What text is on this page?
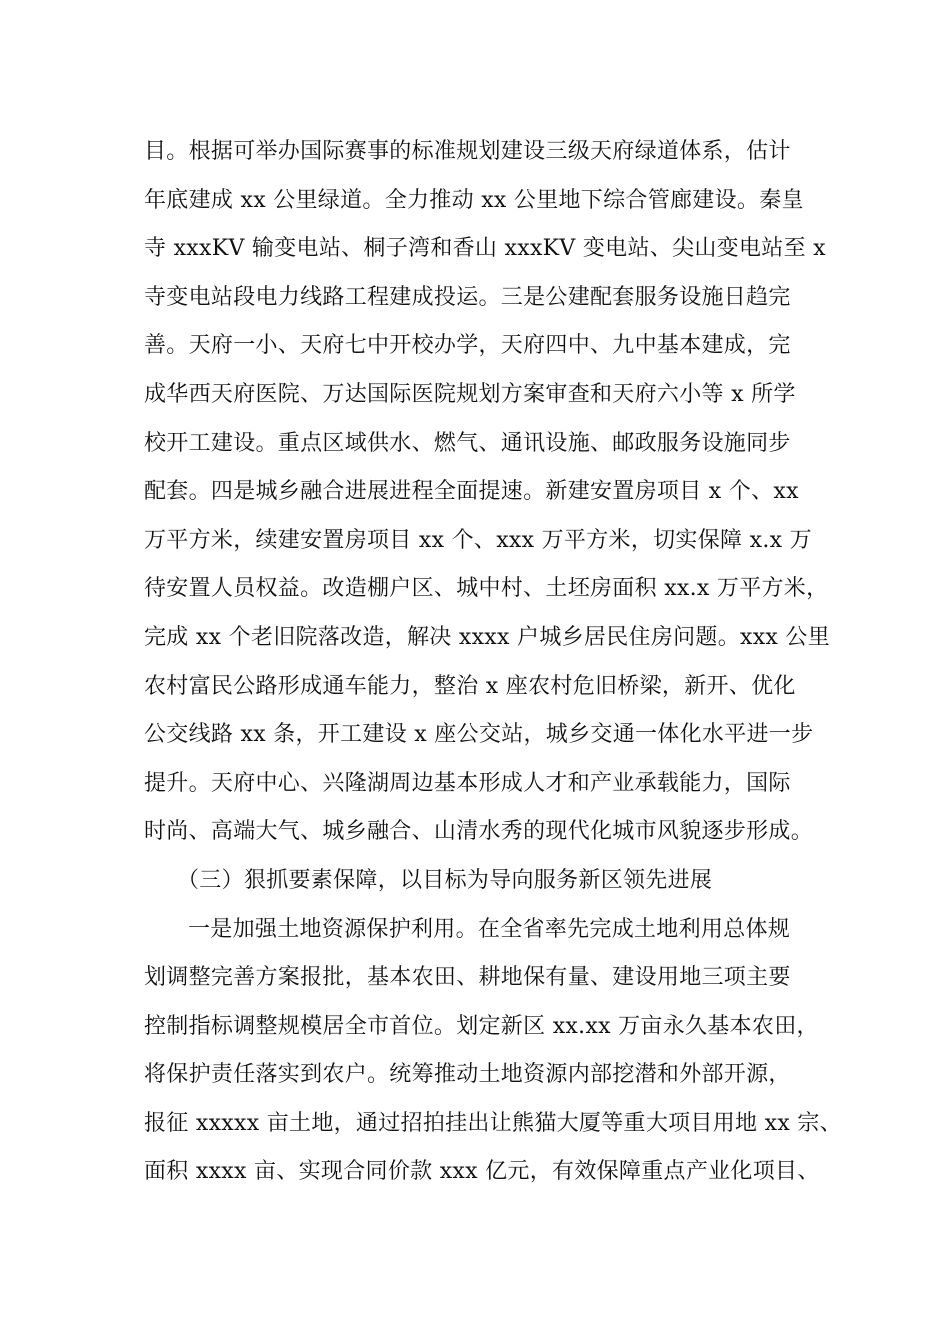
目。根据可举办国际赛事的标准规划建设三级天府绿道体系，估计
年底建成 xx 公里绿道。全力推动 xx 公里地下综合管廊建设。秦皇
寺 xxxKV 输变电站、桐子湾和香山 xxxKV 变电站、尖山变电站至 x
寺变电站段电力线路工程建成投运。三是公建配套服务设施日趋完
善。天府一小、天府七中开校办学，天府四中、九中基本建成，完
成华西天府医院、万达国际医院规划方案审查和天府六小等 x 所学
校开工建设。重点区域供水、燃气、通讯设施、邮政服务设施同步
配套。四是城乡融合进展进程全面提速。新建安置房项目 x 个、xx
万平方米，续建安置房项目 xx 个、xxx 万平方米，切实保障 x.x 万
待安置人员权益。改造棚户区、城中村、土坯房面积 xx.x 万平方米，
完成 xx 个老旧院落改造，解决 xxxx 户城乡居民住房问题。xxx 公里
农村富民公路形成通车能力，整治 x 座农村危旧桥梁，新开、优化
公交线路 xx 条，开工建设 x 座公交站，城乡交通一体化水平进一步
提升。天府中心、兴隆湖周边基本形成人才和产业承载能力，国际
时尚、高端大气、城乡融合、山清水秀的现代化城市风貌逐步形成。
（三）狠抓要素保障，以目标为导向服务新区领先进展
一是加强土地资源保护利用。在全省率先完成土地利用总体规
划调整完善方案报批，基本农田、耕地保有量、建设用地三项主要
控制指标调整规模居全市首位。划定新区 xx.xx 万亩永久基本农田，
将保护责任落实到农户。统筹推动土地资源内部挖潜和外部开源，
报征 xxxxx 亩土地，通过招拍挂出让熊猫大厦等重大项目用地 xx 宗、
面积 xxxx 亩、实现合同价款 xxx 亿元，有效保障重点产业化项目、
